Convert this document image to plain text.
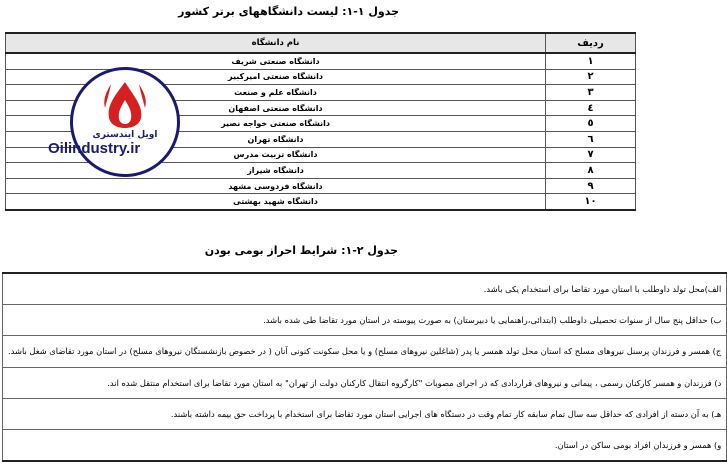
جدول ۱-۱: لیست دانشگاههای برتر کشور
ردیف	نام دانشگاه
۱	دانشگاه صنعتی شریف
۲	دانشگاه صنعتی امیرکبیر
۳	دانشگاه علم و صنعت
٤	دانشگاه صنعتی اصفهان
٥	دانشگاه صنعتی خواجه نصیر
٦	دانشگاه تهران
۷	دانشگاه تربیت مدرس
۸	دانشگاه شیراز
۹	دانشگاه فردوسی مشهد
۱۰	دانشگاه شهید بهشتی
اویل ایندستری
Oilindustry.ir
جدول ۲-۱: شرایط احراز بومی بودن
الف)محل تولد داوطلب با استان مورد تقاضا برای استخدام یکی باشد.
ب) حداقل پنج سال از سنوات تحصیلی داوطلب (ابتدائی،راهنمایی یا دبیرستان) به صورت پیوسته در استان مورد تقاضا طی شده باشد.
ج) همسر و فرزندان پرسنل نیروهای مسلح که استان محل تولد همسر یا پدر (شاغلین نیروهای مسلح) و یا محل سکونت کنونی آنان ( در خصوص بازنشستگان نیروهای مسلح) در استان مورد تقاضای شغل باشد.
د) فرزندان و همسر کارکنان رسمی ، پیمانی و نیروهای قراردادی که در اجرای مصوبات "کارگروه انتقال کارکنان دولت از تهران" به استان مورد تقاضا برای استخدام منتقل شده اند.
هـ) به آن دسته از افرادی که حداقل سه سال تمام سابقه کار تمام وقت در دستگاه های اجرایی استان مورد تقاضا برای استخدام با پرداخت حق بیمه داشته باشند.
و) همسر و فرزندان افراد بومی ساکن در استان.
